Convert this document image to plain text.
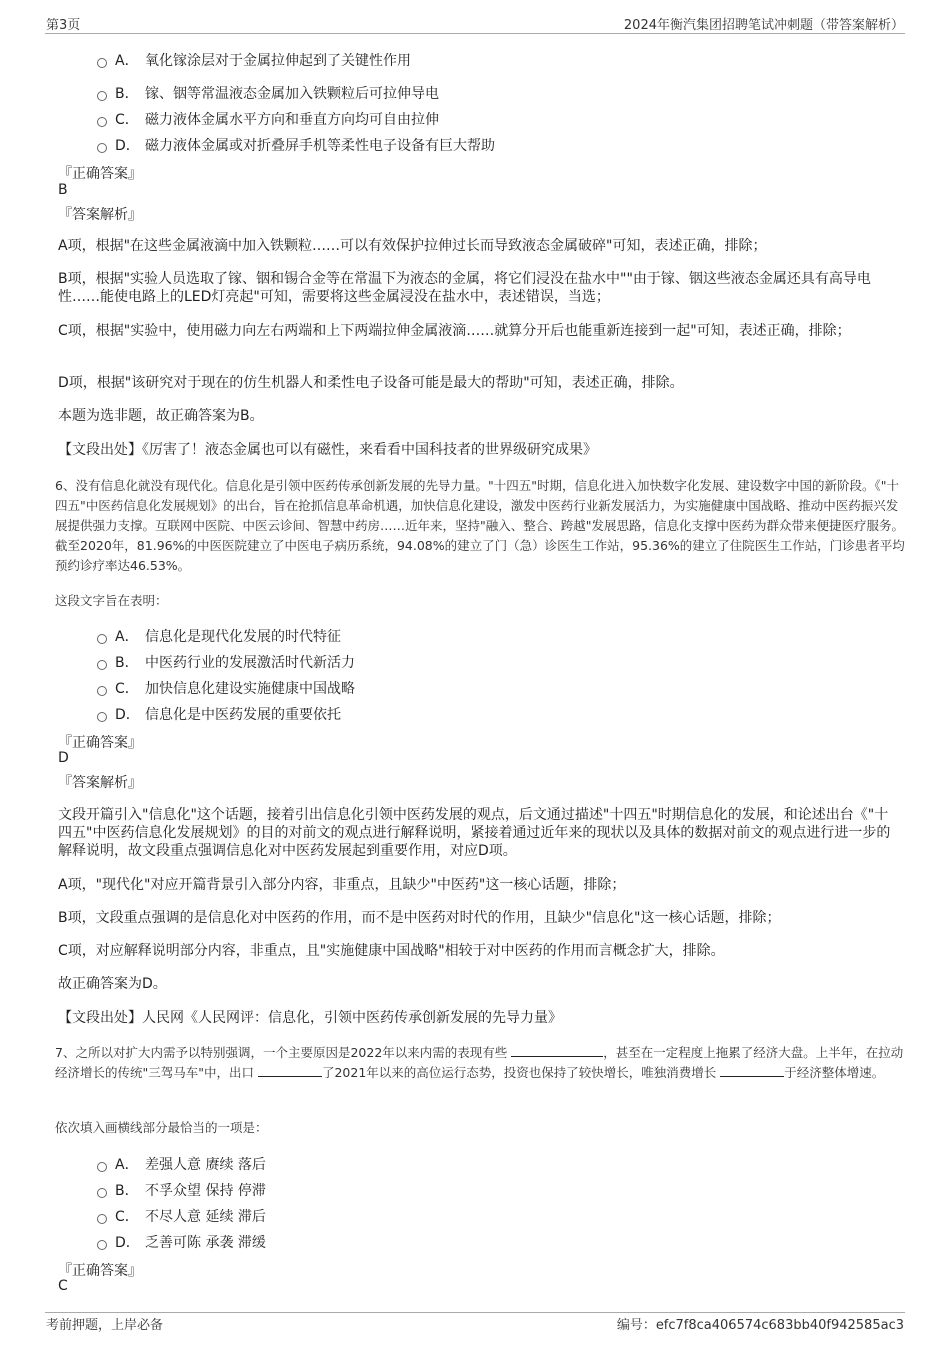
第3页	2024年衡汽集团招聘笔试冲刺题（带答案解析）
A． 氧化镓涂层对于金属拉伸起到了关键性作用
B． 镓、铟等常温液态金属加入铁颗粒后可拉伸导电
C． 磁力液体金属水平方向和垂直方向均可自由拉伸
D． 磁力液体金属或对折叠屏手机等柔性电子设备有巨大帮助
『正确答案』
B
『答案解析』
A项，根据"在这些金属液滴中加入铁颗粒……可以有效保护拉伸过长而导致液态金属破碎"可知，表述正确，排除；
B项，根据"实验人员选取了镓、铟和锡合金等在常温下为液态的金属，将它们浸没在盐水中""由于镓、铟这些液态金属还具有高导电性……能使电路上的LED灯亮起"可知，需要将这些金属浸没在盐水中，表述错误，当选；
C项，根据"实验中，使用磁力向左右两端和上下两端拉伸金属液滴……就算分开后也能重新连接到一起"可知，表述正确，排除；
D项，根据"该研究对于现在的仿生机器人和柔性电子设备可能是最大的帮助"可知，表述正确，排除。
本题为选非题，故正确答案为B。
【文段出处】《厉害了！液态金属也可以有磁性，来看看中国科技者的世界级研究成果》
6、没有信息化就没有现代化。信息化是引领中医药传承创新发展的先导力量。"十四五"时期，信息化进入加快数字化发展、建设数字中国的新阶段。《"十四五"中医药信息化发展规划》的出台，旨在抢抓信息革命机遇，加快信息化建设，激发中医药行业新发展活力，为实施健康中国战略、推动中医药振兴发展提供强力支撑。互联网中医院、中医云诊间、智慧中药房……近年来，坚持"融入、整合、跨越"发展思路，信息化支撑中医药为群众带来便捷医疗服务。截至2020年，81.96%的中医医院建立了中医电子病历系统，94.08%的建立了门（急）诊医生工作站，95.36%的建立了住院医生工作站，门诊患者平均预约诊疗率达46.53%。
这段文字旨在表明：
A． 信息化是现代化发展的时代特征
B． 中医药行业的发展激活时代新活力
C． 加快信息化建设实施健康中国战略
D． 信息化是中医药发展的重要依托
『正确答案』
D
『答案解析』
文段开篇引入"信息化"这个话题，接着引出信息化引领中医药发展的观点，后文通过描述"十四五"时期信息化的发展，和论述出台《"十四五"中医药信息化发展规划》的目的对前文的观点进行解释说明，紧接着通过近年来的现状以及具体的数据对前文的观点进行进一步的解释说明，故文段重点强调信息化对中医药发展起到重要作用，对应D项。
A项，"现代化"对应开篇背景引入部分内容，非重点，且缺少"中医药"这一核心话题，排除；
B项，文段重点强调的是信息化对中医药的作用，而不是中医药对时代的作用，且缺少"信息化"这一核心话题，排除；
C项，对应解释说明部分内容，非重点，且"实施健康中国战略"相较于对中医药的作用而言概念扩大，排除。
故正确答案为D。
【文段出处】人民网《人民网评：信息化，引领中医药传承创新发展的先导力量》
7、之所以对扩大内需予以特别强调，一个主要原因是2022年以来内需的表现有些	，甚至在一定程度上拖累了经济大盘。上半年，在拉动经济增长的传统"三驾马车"中，出口	了2021年以来的高位运行态势，投资也保持了较快增长，唯独消费增长	于经济整体增速。
依次填入画横线部分最恰当的一项是：
A． 差强人意 赓续 落后
B． 不孚众望 保持 停滞
C． 不尽人意 延续 滞后
D． 乏善可陈 承袭 滞缓
『正确答案』
C
考前押题，上岸必备	编号：efc7f8ca406574c683bb40f942585ac3
